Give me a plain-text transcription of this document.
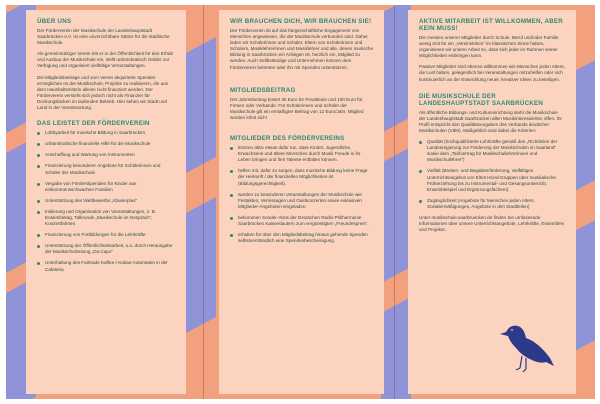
ÜBER UNS

Der Förderverein der Musikschule der Landeshauptstadt Saarbrücken e.V. ist eine unverzichtbare Stütze für die städtische Musikschule.

Als gemeinnütziger Verein tritt er in der Öffentlichkeit für den Erhalt und Ausbau der Musikschule ein, stellt unbürokratisch Gelder zur Verfügung und organisiert vielfältige Veranstaltungen.

Die Mitgliedsbeiträge und vom Verein akquirierte Spenden ermöglichen es der Musikschule, Projekte zu realisieren, die aus dem Haushaltsmitteln alleine nicht finanziert werden. Der Förderverein versteht sich jedoch nicht als Finanzier für Deckungslücken im laufenden Betrieb. Hier sehen wir Stadt und Land in der Verantwortung.

DAS LEISTET DER FÖRDERVEREIN
Lobbyarbeit für musische Bildung in Saarbrücken
unbürokratische finanzielle Hilfe für die Musikschule
Anschaffung und Wartung von Instrumenten
Finanzierung besonderer Angebote für Schülerinnen und Schüler der Musikschule
Vergabe von Förderstipendien für Kinder aus einkommensschwachen Familien
Unterstützung des Wettbewerbs „Klavierplus“
Initiierung und Organisation von Veranstaltungen, z. B. Ensembletag, Talkrunde „Musikschule im Gespräch“, Konzertfahrten
Finanzierung von Fortbildungen für die Lehrkräfte
Unterstützung der Öffentlichkeitsarbeit, u.a. durch Herausgabe der Musikschulzeitung „Da Capo“
Unterhaltung des Fairtrade Kaffee-/ Kakao-Automaten in der Cafeteria
WIR BRAUCHEN DICH, WIR BRAUCHEN SIE!

Der Förderverein ist auf das bürgerschaftliche Engagement von Menschen angewiesen, die der Musikschule verbunden sind. Daher laden wir Schülerinnen und Schüler, Eltern von Schülerinnen und Schülern, Musiklehrerinnen und Musiklehrer und alle, denen musische Bildung in Saarbrücken ein Anliegen ist, herzlich ein, Mitglied zu werden. Auch Sellbständige und Unternehmen können dem Förderverein beitreten oder ihn mit Spenden unterstützen.

MITGLIEDSBEITRAG

Der Jahresbeitrag kostet 30 Euro für Privatleute und 100 Euro für Firmen oder Verbände. Für Schülerinnen und Schüler der Musikschule gilt ein ermäßigter Beitrag von 12 Euro/Jahr. Mitglied werden lohnt sich!

MITGLIEDER DES FÖRDERVEREINS
können aktiv etwas dafür tun, dass Kinder, Jugendliche, Erwachsene und ältere Menschen durch Musik Freude in ihr Leben bringen und ihre Talente entfalten können.
helfen mit, dafür zu sorgen, dass musische Bildung keine Frage der Herkunft / der finanziellen Möglichkeiten ist (Bildungsgerechtigkeit).
werden zu besonderen Veranstaltungen der Musikschule wie Festakten, Vernissagen und Gastkonzerten sowie exklusiven Mitglieder-Angeboten eingeladen.
bekommen Sonder-Abos der Deutschen Radio Philharmonie Saarbrücken Kaiserslautern zum vergünstigten „Freundespreis“.
erhalten für über den Mitgliedsbeitrag hinaus gehende Spenden selbstverständlich eine Spendenbescheinigung.
AKTIVE MITARBEIT IST WILLKOMMEN, ABER KEIN MUSS!

Die meisten unserer Mitglieder durch Schule, Beruf und/oder Familie wenig Zeit für ein „Vereinsleben“ im klassischen Sinne haben, organisieren wir unsere Arbeit so, dass sich jeder im Rahmen seiner Möglichkeiten einbringen kann.

Passive Mitglieder sind ebenso willkommen wie Menschen jeden Alters, die Lust haben, gelegentlich bei Veranstaltungen mitzuhelfen oder sich kontinuierlich an der Entwicklung neuer, kreativer Ideen zu beteiligen.

DIE MUSIKSCHULE DER LANDESHAUPTSTADT SAARBRÜCKEN

Als öffentliche Bildungs- und Kultureinrichtung steht die Musikschule der Landeshauptstadt Saarbrücken allen Musikinteressierten offen. Ihr Profil entspricht den Qualitätsvorgaben des Verbands deutscher Musikschulen (VdM). Maßgeblich sind dabei die Kriterien:

Qualität (hochqualifizierte Lehrkräfte gemäß den „Richtlinien der Landesregierung zur Förderung der Musikschulen im Saarland“ sowie dem „Tarifvertrag für Musikschullehrerinnen und Musikschullehrer“)
Vielfalt (Breiten- und Begabtenförderung, vielfältiges Unterrichtsangebot von Eltern-Kind-Gruppen über musikalische Früherziehung bis zu Instrumental- und Gesangsunterricht, Ensemblespiel und Ergänzungsfächern)
Zugänglichkeit (Angebote für Menschen jeden Alters, Sozialermäßigungen, Angebote in den Stadtteilen)

Unter musikschule.saarbruecken.de finden Sie umfassende Informationen über unsere Unterrichtsangebote, Lehrkräfte, Ensembles und Projekte.
